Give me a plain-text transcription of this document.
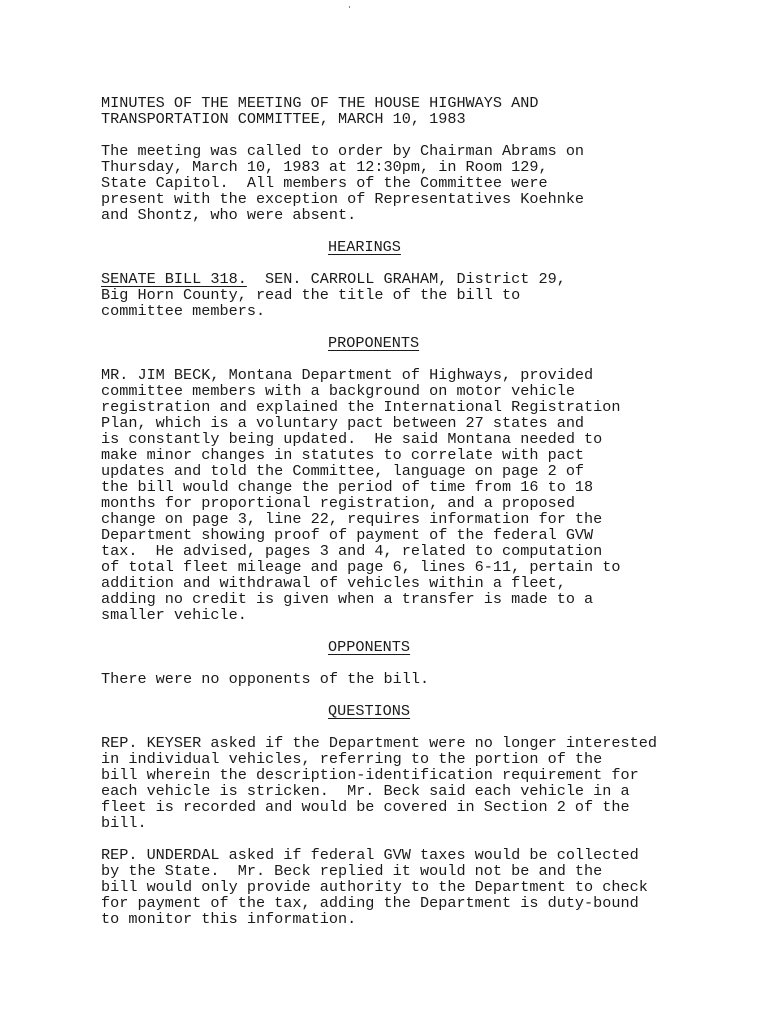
MINUTES OF THE MEETING OF THE HOUSE HIGHWAYS AND
TRANSPORTATION COMMITTEE, MARCH 10, 1983
The meeting was called to order by Chairman Abrams on
Thursday, March 10, 1983 at 12:30pm, in Room 129,
State Capitol.  All members of the Committee were
present with the exception of Representatives Koehnke
and Shontz, who were absent.
HEARINGS
SENATE BILL 318.  SEN. CARROLL GRAHAM, District 29,
Big Horn County, read the title of the bill to
committee members.
PROPONENTS
MR. JIM BECK, Montana Department of Highways, provided
committee members with a background on motor vehicle
registration and explained the International Registration
Plan, which is a voluntary pact between 27 states and
is constantly being updated.  He said Montana needed to
make minor changes in statutes to correlate with pact
updates and told the Committee, language on page 2 of
the bill would change the period of time from 16 to 18
months for proportional registration, and a proposed
change on page 3, line 22, requires information for the
Department showing proof of payment of the federal GVW
tax.  He advised, pages 3 and 4, related to computation
of total fleet mileage and page 6, lines 6-11, pertain to
addition and withdrawal of vehicles within a fleet,
adding no credit is given when a transfer is made to a
smaller vehicle.
OPPONENTS
There were no opponents of the bill.
QUESTIONS
REP. KEYSER asked if the Department were no longer interested
in individual vehicles, referring to the portion of the
bill wherein the description-identification requirement for
each vehicle is stricken.  Mr. Beck said each vehicle in a
fleet is recorded and would be covered in Section 2 of the
bill.
REP. UNDERDAL asked if federal GVW taxes would be collected
by the State.  Mr. Beck replied it would not be and the
bill would only provide authority to the Department to check
for payment of the tax, adding the Department is duty-bound
to monitor this information.
